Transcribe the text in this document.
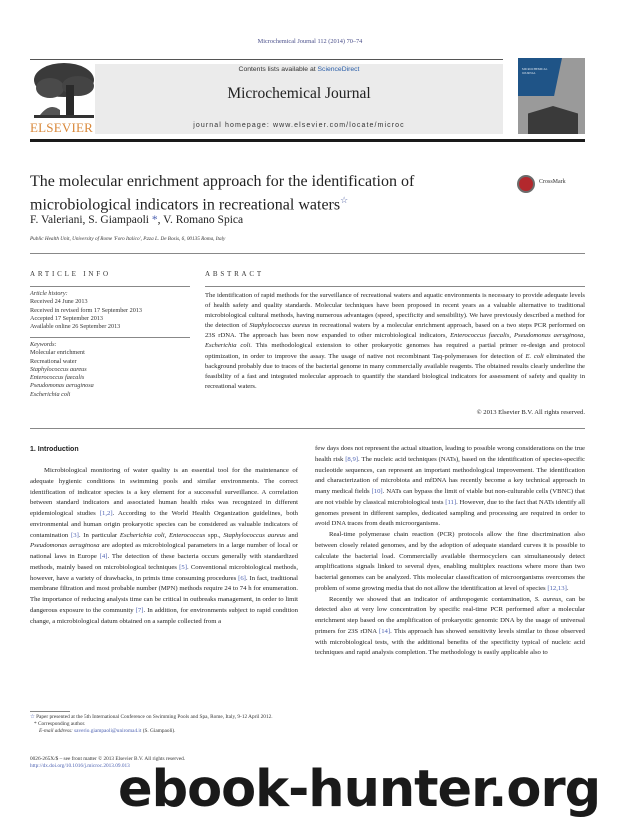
Microchemical Journal 112 (2014) 70–74
ELSEVIER
Contents lists available at ScienceDirect
Microchemical Journal
journal homepage: www.elsevier.com/locate/microc
MICROCHEMICAL JOURNAL
The molecular enrichment approach for the identification of
microbiological indicators in recreational waters☆
CrossMark
F. Valeriani, S. Giampaoli *, V. Romano Spica
Public Health Unit, University of Rome 'Foro Italico', P.zza L. De Bosis, 6, 00135 Roma, Italy
ARTICLE INFO
Article history:
Received 24 June 2013
Received in revised form 17 September 2013
Accepted 17 September 2013
Available online 26 September 2013
Keywords:
Molecular enrichment
Recreational water
Staphylococcus aureus
Enterococcus faecalis
Pseudomonas aeruginosa
Escherichia coli
ABSTRACT
The identification of rapid methods for the surveillance of recreational waters and aquatic environments is necessary to provide adequate levels of health safety and quality standards. Molecular techniques have been proposed in recent years as a valuable alternative to traditional microbiological cultural methods, having numerous advantages (speed, specificity and sensibility). We have previously described a method for the detection of Staphylococcus aureus in recreational waters by a molecular enrichment approach, based on a two steps PCR performed on 23S rDNA. The approach has been now expanded to other microbiological indicators, Enterococcus faecalis, Pseudomonas aeruginosa, Escherichia coli. This methodological extension to other prokaryotic genomes has required a partial primer re-design and protocol optimization, in order to improve the assay. The usage of native not recombinant Taq-polymerases for detection of E. coli eliminated the background probably due to traces of the bacterial genome in many commercially available reagents. The obtained results clearly underline the feasibility of a fast and integrated molecular approach to quantify the standard biological indicators for assessment of safety and quality in recreational waters.
© 2013 Elsevier B.V. All rights reserved.
1. Introduction
Microbiological monitoring of water quality is an essential tool for the maintenance of adequate hygienic conditions in swimming pools and similar environments. The correct identification of indicator species is a key element for a successful surveillance. A correlation between standard indicators and associated human health risks was recognized in different epidemiological studies [1,2]. According to the World Health Organization guidelines, both environmental and human origin prokaryotic species can be considered as valuable indicators of contamination [3]. In particular Escherichia coli, Enterococcus spp., Staphylococcus aureus and Pseudomonas aeruginosa are adopted as microbiological parameters in a large number of local or national laws in Europe [4]. The detection of these bacteria occurs generally with standardized methods, mainly based on microbiological techniques [5]. Conventional microbiological methods, however, have a variety of drawbacks, in primis time consuming procedures [6]. In fact, traditional membrane filtration and most probable number (MPN) methods require 24 to 74 h for enumeration. The importance of reducing analysis time can be critical in outbreaks management, in order to limit dangerous exposure to the community [7]. In addition, for environments subject to rapid condition change, a microbiological datum obtained on a sample collected from a
few days does not represent the actual situation, leading to possible wrong considerations on the true health risk [8,9]. The nucleic acid techniques (NATs), based on the identification of species-specific nucleotide sequences, can represent an important methodological improvement. The identification and characterization of microbiota and mfDNA has recently become a key technical approach in many medical fields [10]. NATs can bypass the limit of viable but non-culturable cells (VBNC) that are not visible by classical microbiological tests [11]. However, due to the fact that NATs identify all genomes present in different samples, dedicated sampling and processing are required in order to avoid DNA traces from death microorganisms.
Real-time polymerase chain reaction (PCR) protocols allow the fine discrimination also between closely related genomes, and by the adoption of adequate standard curves it is possible to calculate the bacterial load. Commercially available thermocyclers can simultaneously detect amplifications signals linked to several dyes, enabling multiplex reactions where more than two bacterial genomes can be analyzed. This molecular classification of microorganisms overcomes the problem of some growing media that do not allow the identification at level of species [12,13].
Recently we showed that an indicator of anthropogenic contamination, S. aureus, can be detected also at very low concentration by specific real-time PCR performed after a molecular enrichment step based on the amplification of prokaryotic genomic DNA by the usage of universal primers for 23S rDNA [14]. This approach has showed sensitivity levels similar to those observed with microbiological tests, with the additional benefits of the specificity typical of nucleic acid techniques and rapid analysis completion. The methodology is easily applicable also to
☆ Paper presented at the 5th International Conference on Swimming Pools and Spa, Rome, Italy, 9-12 April 2012.
* Corresponding author.
E-mail address: saverio.giampaoli@uniroma4.it (S. Giampaoli).
0026-265X/$ – see front matter © 2013 Elsevier B.V. All rights reserved.
http://dx.doi.org/10.1016/j.microc.2013.09.013
ebook-hunter.org
